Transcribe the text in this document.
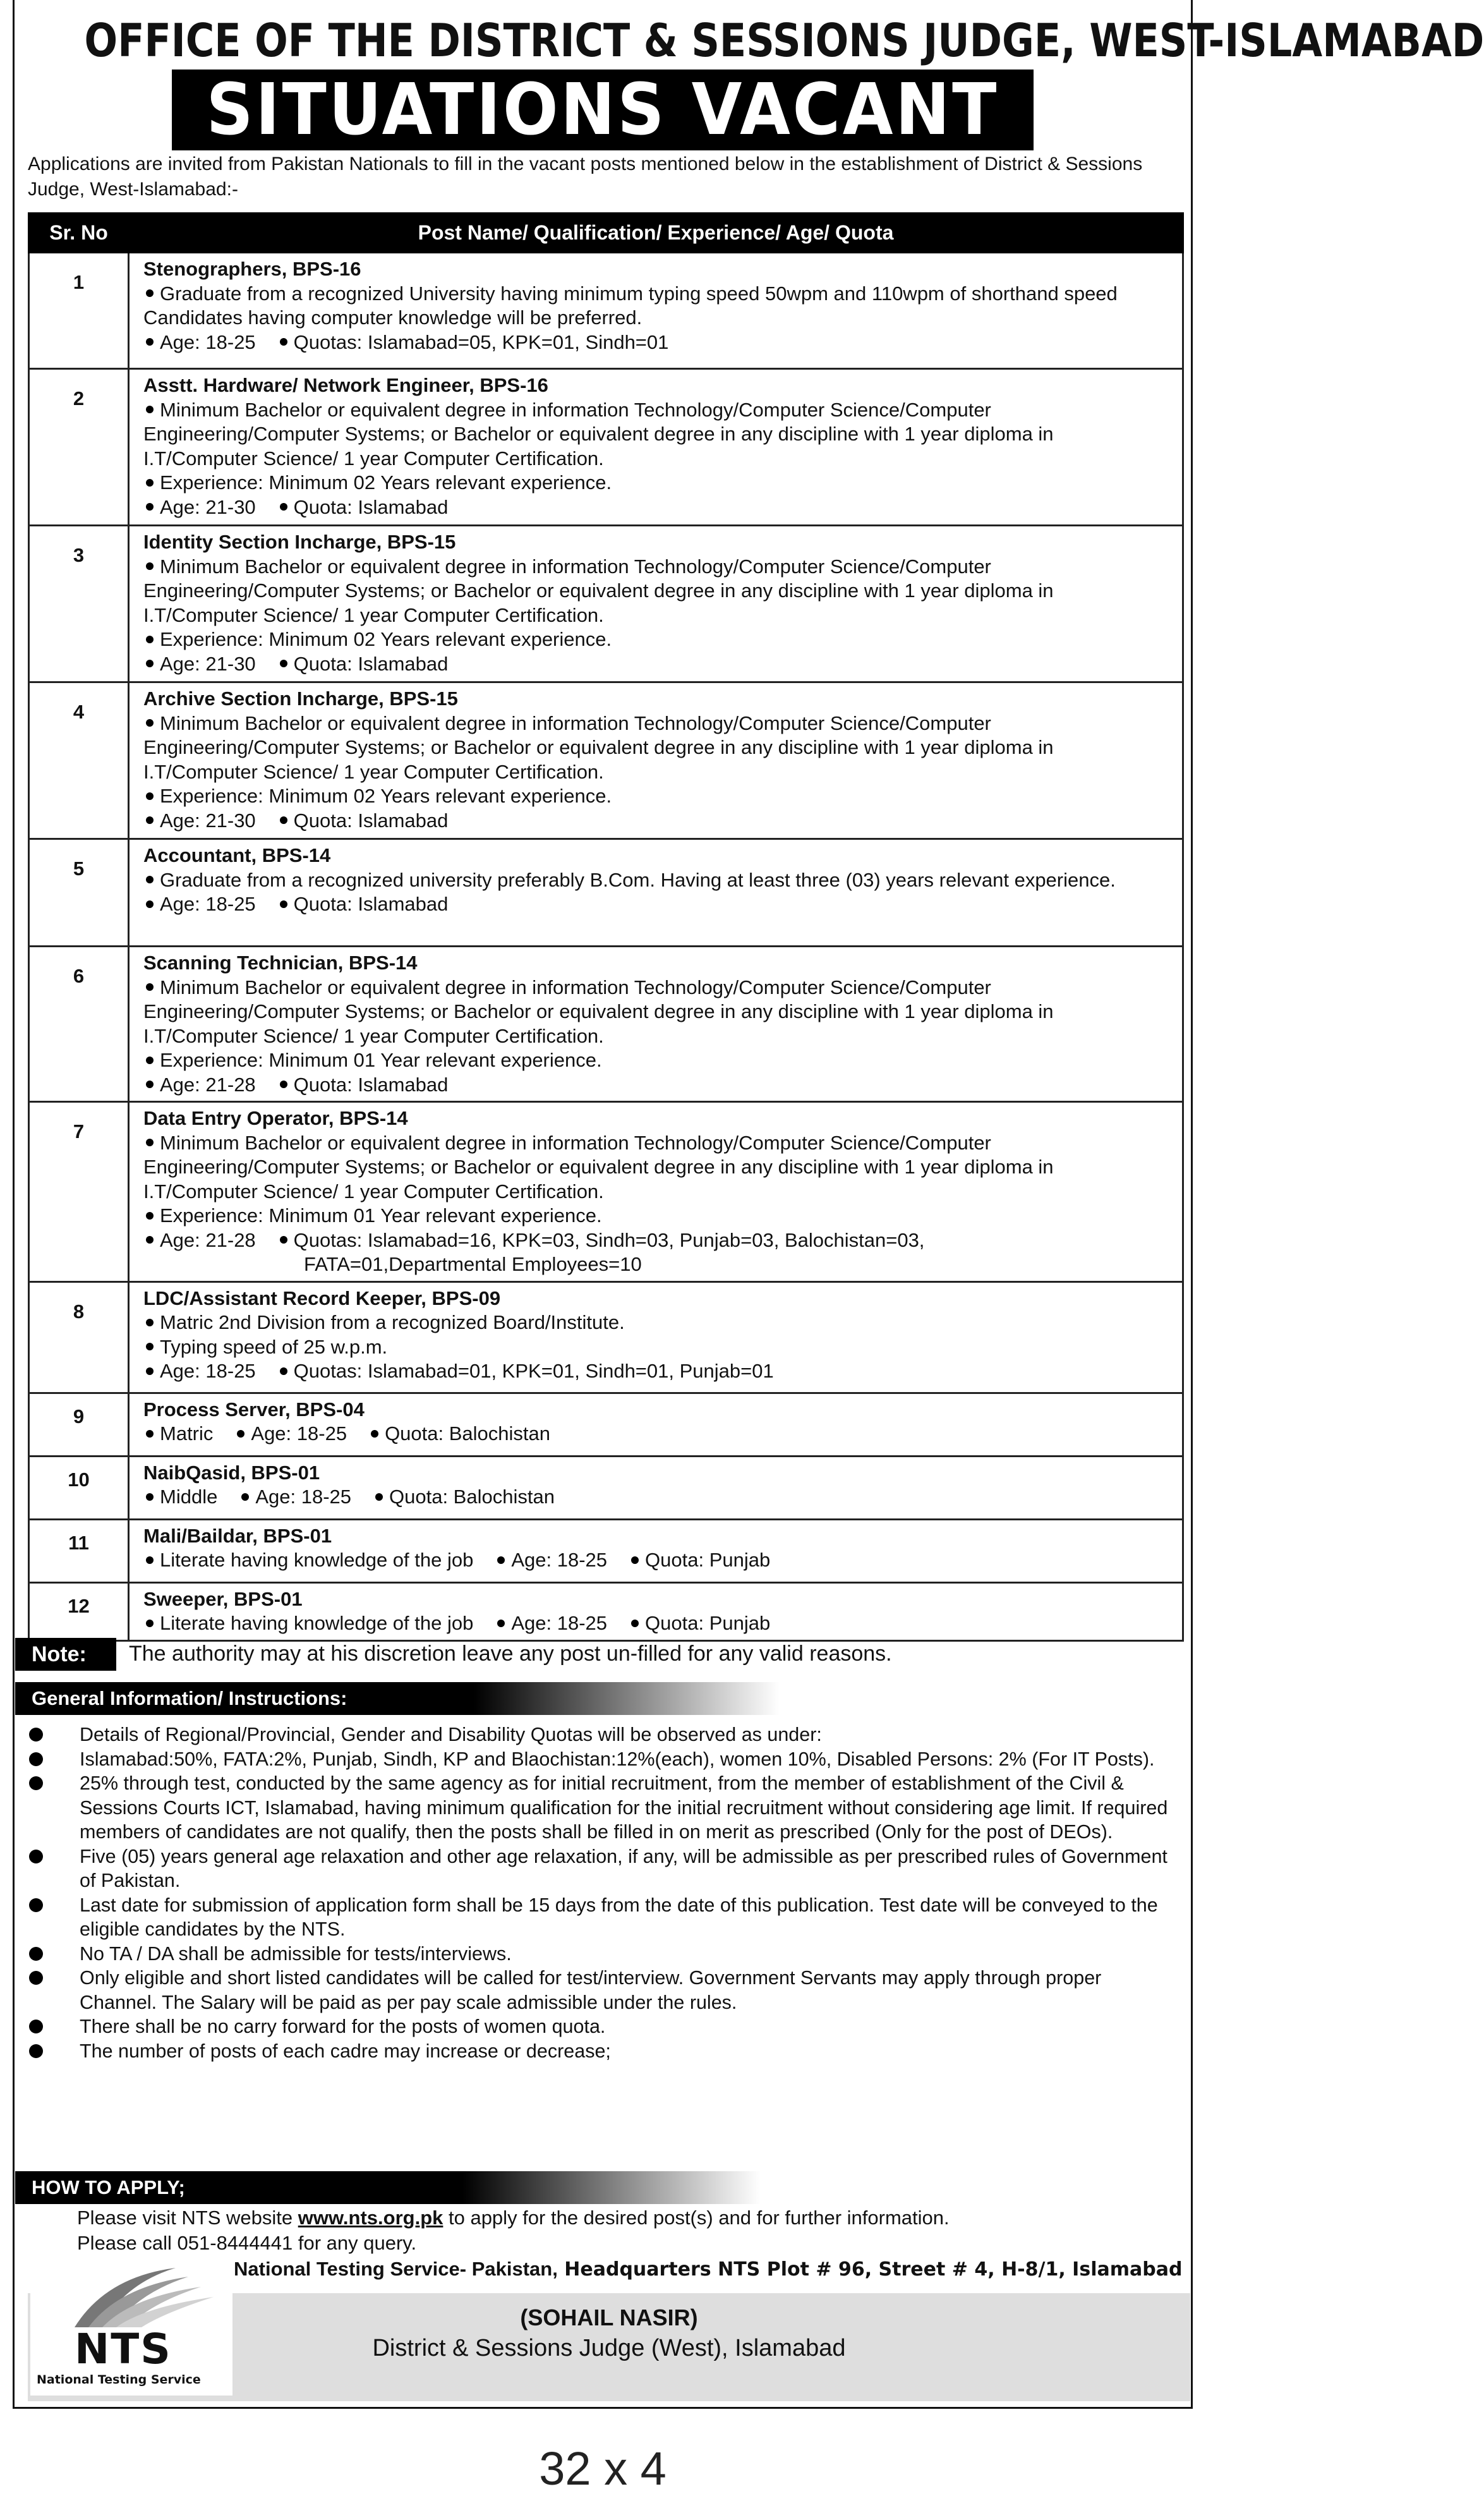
OFFICE OF THE DISTRICT & SESSIONS JUDGE, WEST-ISLAMABAD
SITUATIONS VACANT
Applications are invited from Pakistan Nationals to fill in the vacant posts mentioned below in the establishment of District & Sessions Judge, West-Islamabad:-
Sr. No	Post Name/ Qualification/ Experience/ Age/ Quota
1	Stenographers, BPS-16
Graduate from a recognized University having minimum typing speed 50wpm and 110wpm of shorthand speed Candidates having computer knowledge will be preferred.
Age: 18-25 Quotas: Islamabad=05, KPK=01, Sindh=01

2	Asstt. Hardware/ Network Engineer, BPS-16
Minimum Bachelor or equivalent degree in information Technology/Computer Science/Computer Engineering/Computer Systems; or Bachelor or equivalent degree in any discipline with 1 year diploma in I.T/Computer Science/ 1 year Computer Certification.
Experience: Minimum 02 Years relevant experience.
Age: 21-30 Quota: Islamabad

3	Identity Section Incharge, BPS-15
Minimum Bachelor or equivalent degree in information Technology/Computer Science/Computer Engineering/Computer Systems; or Bachelor or equivalent degree in any discipline with 1 year diploma in I.T/Computer Science/ 1 year Computer Certification.
Experience: Minimum 02 Years relevant experience.
Age: 21-30 Quota: Islamabad

4	Archive Section Incharge, BPS-15
Minimum Bachelor or equivalent degree in information Technology/Computer Science/Computer Engineering/Computer Systems; or Bachelor or equivalent degree in any discipline with 1 year diploma in I.T/Computer Science/ 1 year Computer Certification.
Experience: Minimum 02 Years relevant experience.
Age: 21-30 Quota: Islamabad

5	Accountant, BPS-14
Graduate from a recognized university preferably B.Com. Having at least three (03) years relevant experience.
Age: 18-25 Quota: Islamabad

6	Scanning Technician, BPS-14
Minimum Bachelor or equivalent degree in information Technology/Computer Science/Computer Engineering/Computer Systems; or Bachelor or equivalent degree in any discipline with 1 year diploma in I.T/Computer Science/ 1 year Computer Certification.
Experience: Minimum 01 Year relevant experience.
Age: 21-28 Quota: Islamabad

7	Data Entry Operator, BPS-14
Minimum Bachelor or equivalent degree in information Technology/Computer Science/Computer Engineering/Computer Systems; or Bachelor or equivalent degree in any discipline with 1 year diploma in I.T/Computer Science/ 1 year Computer Certification.
Experience: Minimum 01 Year relevant experience.
Age: 21-28 Quotas: Islamabad=16, KPK=03, Sindh=03, Punjab=03, Balochistan=03,
FATA=01,Departmental Employees=10

8	LDC/Assistant Record Keeper, BPS-09
Matric 2nd Division from a recognized Board/Institute.
Typing speed of 25 w.p.m.
Age: 18-25 Quotas: Islamabad=01, KPK=01, Sindh=01, Punjab=01

9	Process Server, BPS-04
Matric Age: 18-25 Quota: Balochistan

10	NaibQasid, BPS-01
Middle Age: 18-25 Quota: Balochistan

11	Mali/Baildar, BPS-01
Literate having knowledge of the job Age: 18-25 Quota: Punjab

12	Sweeper, BPS-01
Literate having knowledge of the job Age: 18-25 Quota: Punjab
Note:	The authority may at his discretion leave any post un-filled for any valid reasons.
General Information/ Instructions:
Details of Regional/Provincial, Gender and Disability Quotas will be observed as under:
Islamabad:50%, FATA:2%, Punjab, Sindh, KP and Blaochistan:12%(each), women 10%, Disabled Persons: 2% (For IT Posts).
25% through test, conducted by the same agency as for initial recruitment, from the member of establishment of the Civil & Sessions Courts ICT, Islamabad, having minimum qualification for the initial recruitment without considering age limit. If required members of candidates are not qualify, then the posts shall be filled in on merit as prescribed (Only for the post of DEOs).
Five (05) years general age relaxation and other age relaxation, if any, will be admissible as per prescribed rules of Government of Pakistan.
Last date for submission of application form shall be 15 days from the date of this publication. Test date will be conveyed to the eligible candidates by the NTS.
No TA / DA shall be admissible for tests/interviews.
Only eligible and short listed candidates will be called for test/interview. Government Servants may apply through proper Channel. The Salary will be paid as per pay scale admissible under the rules.
There shall be no carry forward for the posts of women quota.
The number of posts of each cadre may increase or decrease;
HOW TO APPLY;
Please visit NTS website www.nts.org.pk to apply for the desired post(s) and for further information.
Please call 051-8444441 for any query.
National Testing Service- Pakistan, Headquarters NTS Plot # 96, Street # 4, H-8/1, Islamabad
NTS
National Testing Service
(SOHAIL NASIR)
District & Sessions Judge (West), Islamabad
32 x 4
